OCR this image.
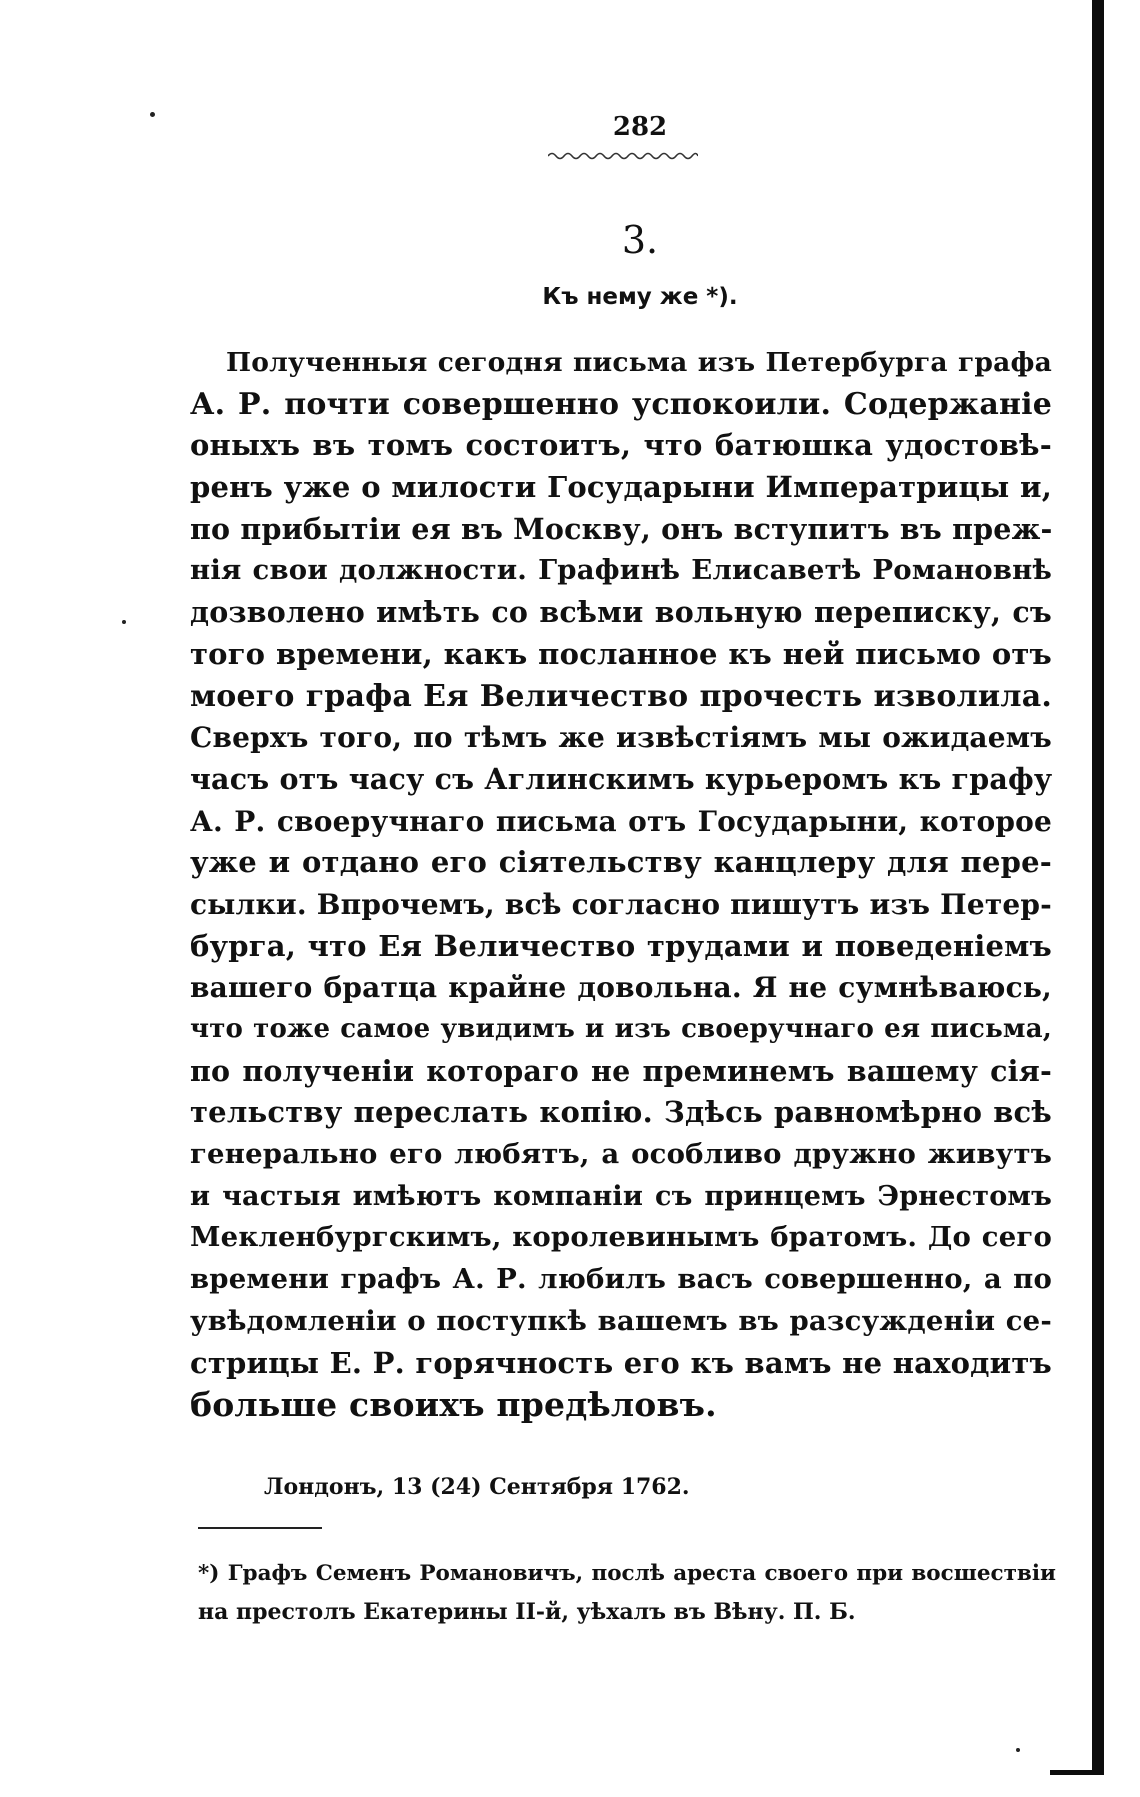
282
3.
Къ нему же *).
Полученныя сегодня письма изъ Петербурга графа
А. Р. почти совершенно успокоили. Содержаніе
оныхъ въ томъ состоитъ, что батюшка удостовѣ-
ренъ уже о милости Государыни Императрицы и,
по прибытіи ея въ Москву, онъ вступитъ въ преж-
нія свои должности. Графинѣ Елисаветѣ Романовнѣ
дозволено имѣть со всѣми вольную переписку, съ
того времени, какъ посланное къ ней письмо отъ
моего графа Ея Величество прочесть изволила.
Сверхъ того, по тѣмъ же извѣстіямъ мы ожидаемъ
часъ отъ часу съ Аглинскимъ курьеромъ къ графу
А. Р. своеручнаго письма отъ Государыни, которое
уже и отдано его сіятельству канцлеру для пере-
сылки. Впрочемъ, всѣ согласно пишутъ изъ Петер-
бурга, что Ея Величество трудами и поведеніемъ
вашего братца крайне довольна. Я не сумнѣваюсь,
что тоже самое увидимъ и изъ своеручнаго ея письма,
по полученіи котораго не преминемъ вашему сія-
тельству переслать копію. Здѣсь равномѣрно всѣ
генерально его любятъ, а особливо дружно живутъ
и частыя имѣютъ компаніи съ принцемъ Эрнестомъ
Мекленбургскимъ, королевинымъ братомъ. До сего
времени графъ А. Р. любилъ васъ совершенно, а по
увѣдомленіи о поступкѣ вашемъ въ разсужденіи се-
стрицы Е. Р. горячность его къ вамъ не находитъ
больше своихъ предѣловъ.
Лондонъ, 13 (24) Сентября 1762.
*) Графъ Семенъ Романовичъ, послѣ ареста своего при восшествіи
на престолъ Екатерины II-й, уѣхалъ въ Вѣну. П. Б.
